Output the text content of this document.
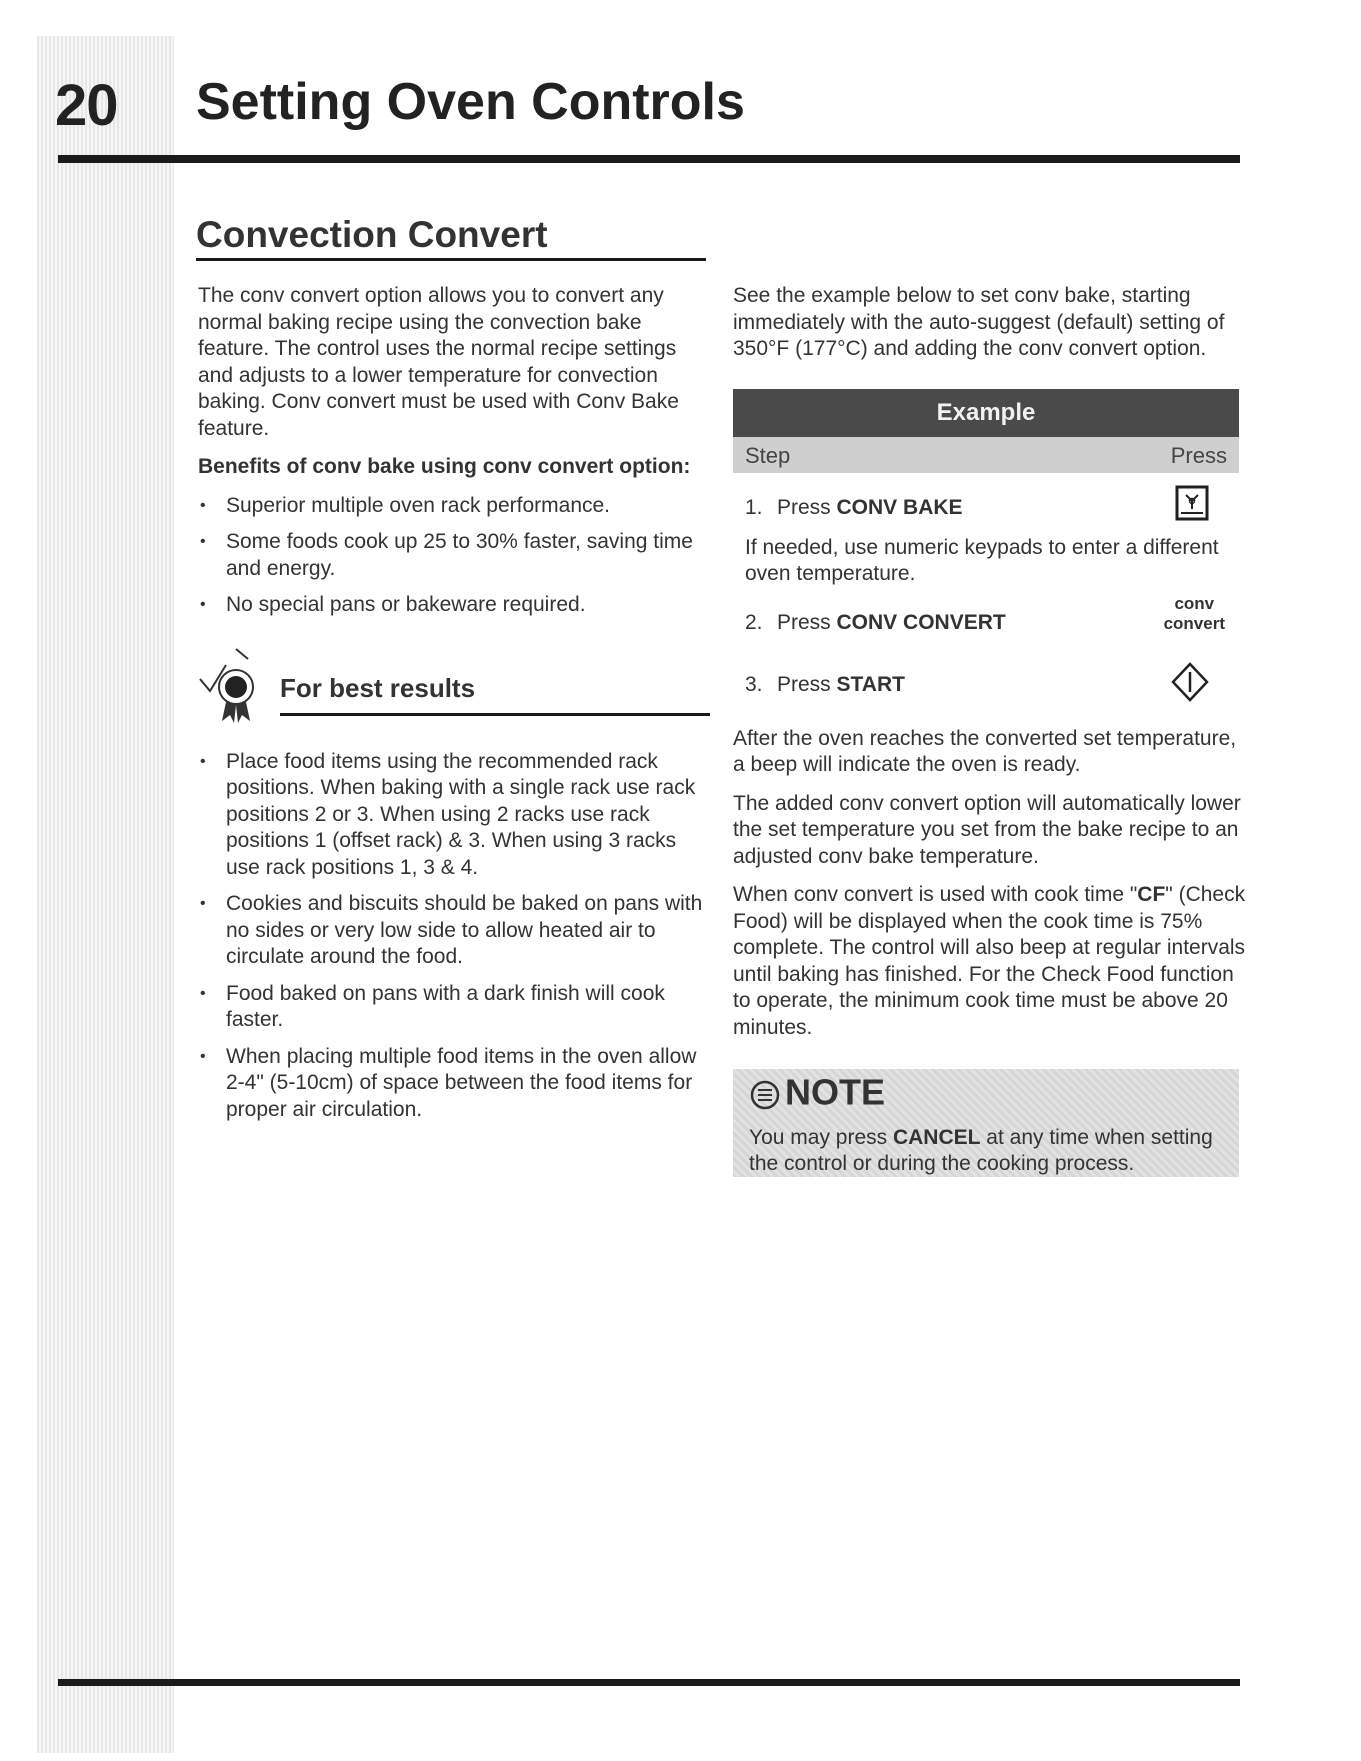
20 Setting Oven Controls
Convection Convert

The conv convert option allows you to convert any normal baking recipe using the convection bake feature. The control uses the normal recipe settings and adjusts to a lower temperature for convection baking. Conv convert must be used with Conv Bake feature.

Benefits of conv bake using conv convert option:
• Superior multiple oven rack performance.
• Some foods cook up 25 to 30% faster, saving time and energy.
• No special pans or bakeware required.
For best results
• Place food items using the recommended rack positions. When baking with a single rack use rack positions 2 or 3. When using 2 racks use rack positions 1 (offset rack) & 3. When using 3 racks use rack positions 1, 3 & 4.
• Cookies and biscuits should be baked on pans with no sides or very low side to allow heated air to circulate around the food.
• Food baked on pans with a dark finish will cook faster.
• When placing multiple food items in the oven allow 2-4" (5-10cm) of space between the food items for proper air circulation.

See the example below to set conv bake, starting immediately with the auto-suggest (default) setting of 350°F (177°C) and adding the conv convert option.

Example
Step	Press
1. Press CONV BAKE

If needed, use numeric keypads to enter a different oven temperature.

2. Press CONV CONVERT
conv
convert
3. Press START

After the oven reaches the converted set temperature, a beep will indicate the oven is ready.

The added conv convert option will automatically lower the set temperature you set from the bake recipe to an adjusted conv bake temperature.

When conv convert is used with cook time "CF" (Check Food) will be displayed when the cook time is 75% complete. The control will also beep at regular intervals until baking has finished. For the Check Food function to operate, the minimum cook time must be above 20 minutes.

NOTE
You may press CANCEL at any time when setting the control or during the cooking process.
